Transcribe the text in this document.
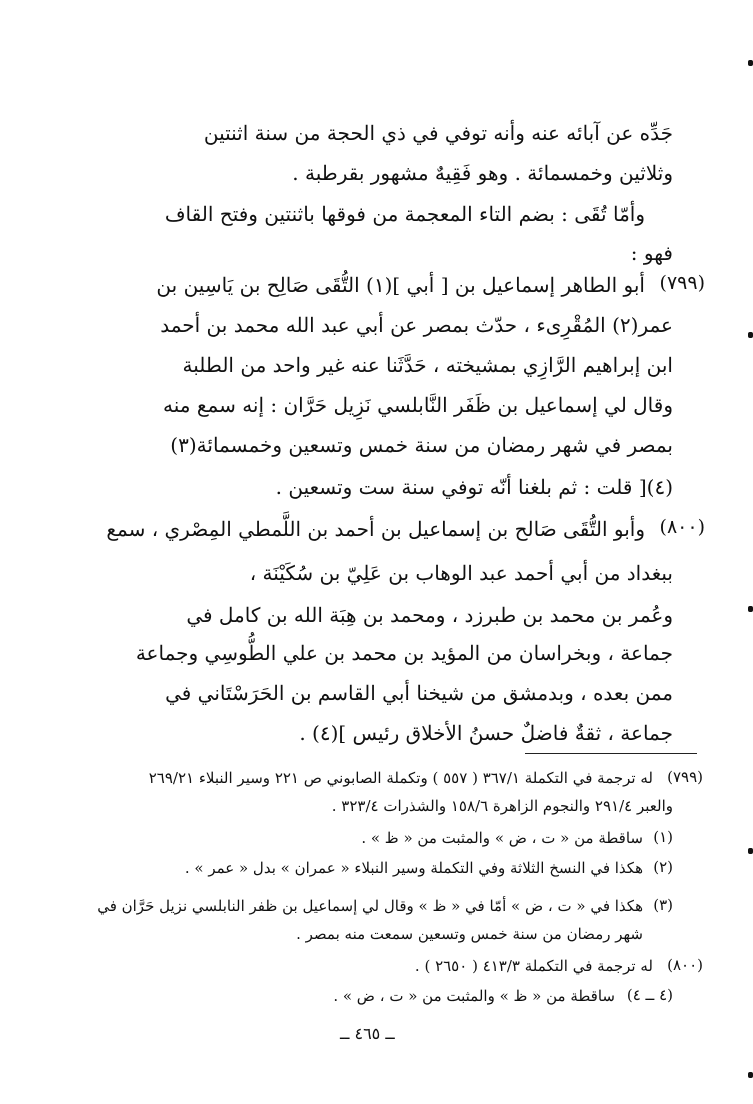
جَدِّه عن آبائه عنه وأنه توفي في ذي الحجة من سنة اثنتين
وثلاثين وخمسمائة . وهو فَقِيهٌ مشهور بقرطبة .
وأمّا تُقَى : بضم التاء المعجمة من فوقها باثنتين وفتح القاف
فهو :
(٧٩٩)
أبو الطاهر إسماعيل بن [ أبي ](١) التُّقَى صَالِح بن يَاسِين بن
عمر(٢) المُقْرِىء ، حدّث بمصر عن أبي عبد الله محمد بن أحمد
ابن إبراهيم الرَّازِي بمشيخته ، حَدَّثَنا عنه غير واحد من الطلبة
وقال لي إسماعيل بن ظَفَر النَّابلسي نَزِيل حَرَّان : إنه سمع منه
بمصر في شهر رمضان من سنة خمس وتسعين وخمسمائة(٣)
(٤)[ قلت : ثم بلغنا أنّه توفي سنة ست وتسعين .
(٨٠٠)
وأبو التُّقَى صَالح بن إسماعيل بن أحمد بن اللَّمطي المِصْري ، سمع
ببغداد من أبي أحمد عبد الوهاب بن عَلِيّ بن سُكَيْنَة ،
وعُمر بن محمد بن طبرزد ، ومحمد بن هِبَة الله بن كامل في
جماعة ، وبخراسان من المؤيد بن محمد بن علي الطُّوسِي وجماعة
ممن بعده ، وبدمشق من شيخنا أبي القاسم بن الحَرَسْتَاني في
جماعة ، ثقةٌ فاضلٌ حسنُ الأخلاق رئيس ](٤) .
(٧٩٩)
له ترجمة في التكملة ٣٦٧/١ ( ٥٥٧ ) وتكملة الصابوني ص ٢٢١ وسير النبلاء ٢٦٩/٢١
والعبر ٢٩١/٤ والنجوم الزاهرة ١٥٨/٦ والشذرات ٣٢٣/٤ .
(١)
ساقطة من « ت ، ض » والمثبت من « ظ » .
(٢)
هكذا في النسخ الثلاثة وفي التكملة وسير النبلاء « عمران » بدل « عمر » .
(٣)
هكذا في « ت ، ض » أمّا في « ظ » وقال لي إسماعيل بن ظفر النابلسي نزيل حَرَّان في
شهر رمضان من سنة خمس وتسعين سمعت منه بمصر .
(٨٠٠)
له ترجمة في التكملة ٤١٣/٣ ( ٢٦٥٠ ) .
(٤ ــ ٤)
ساقطة من « ظ » والمثبت من « ت ، ض » .
ــ ٤٦٥ ــ
